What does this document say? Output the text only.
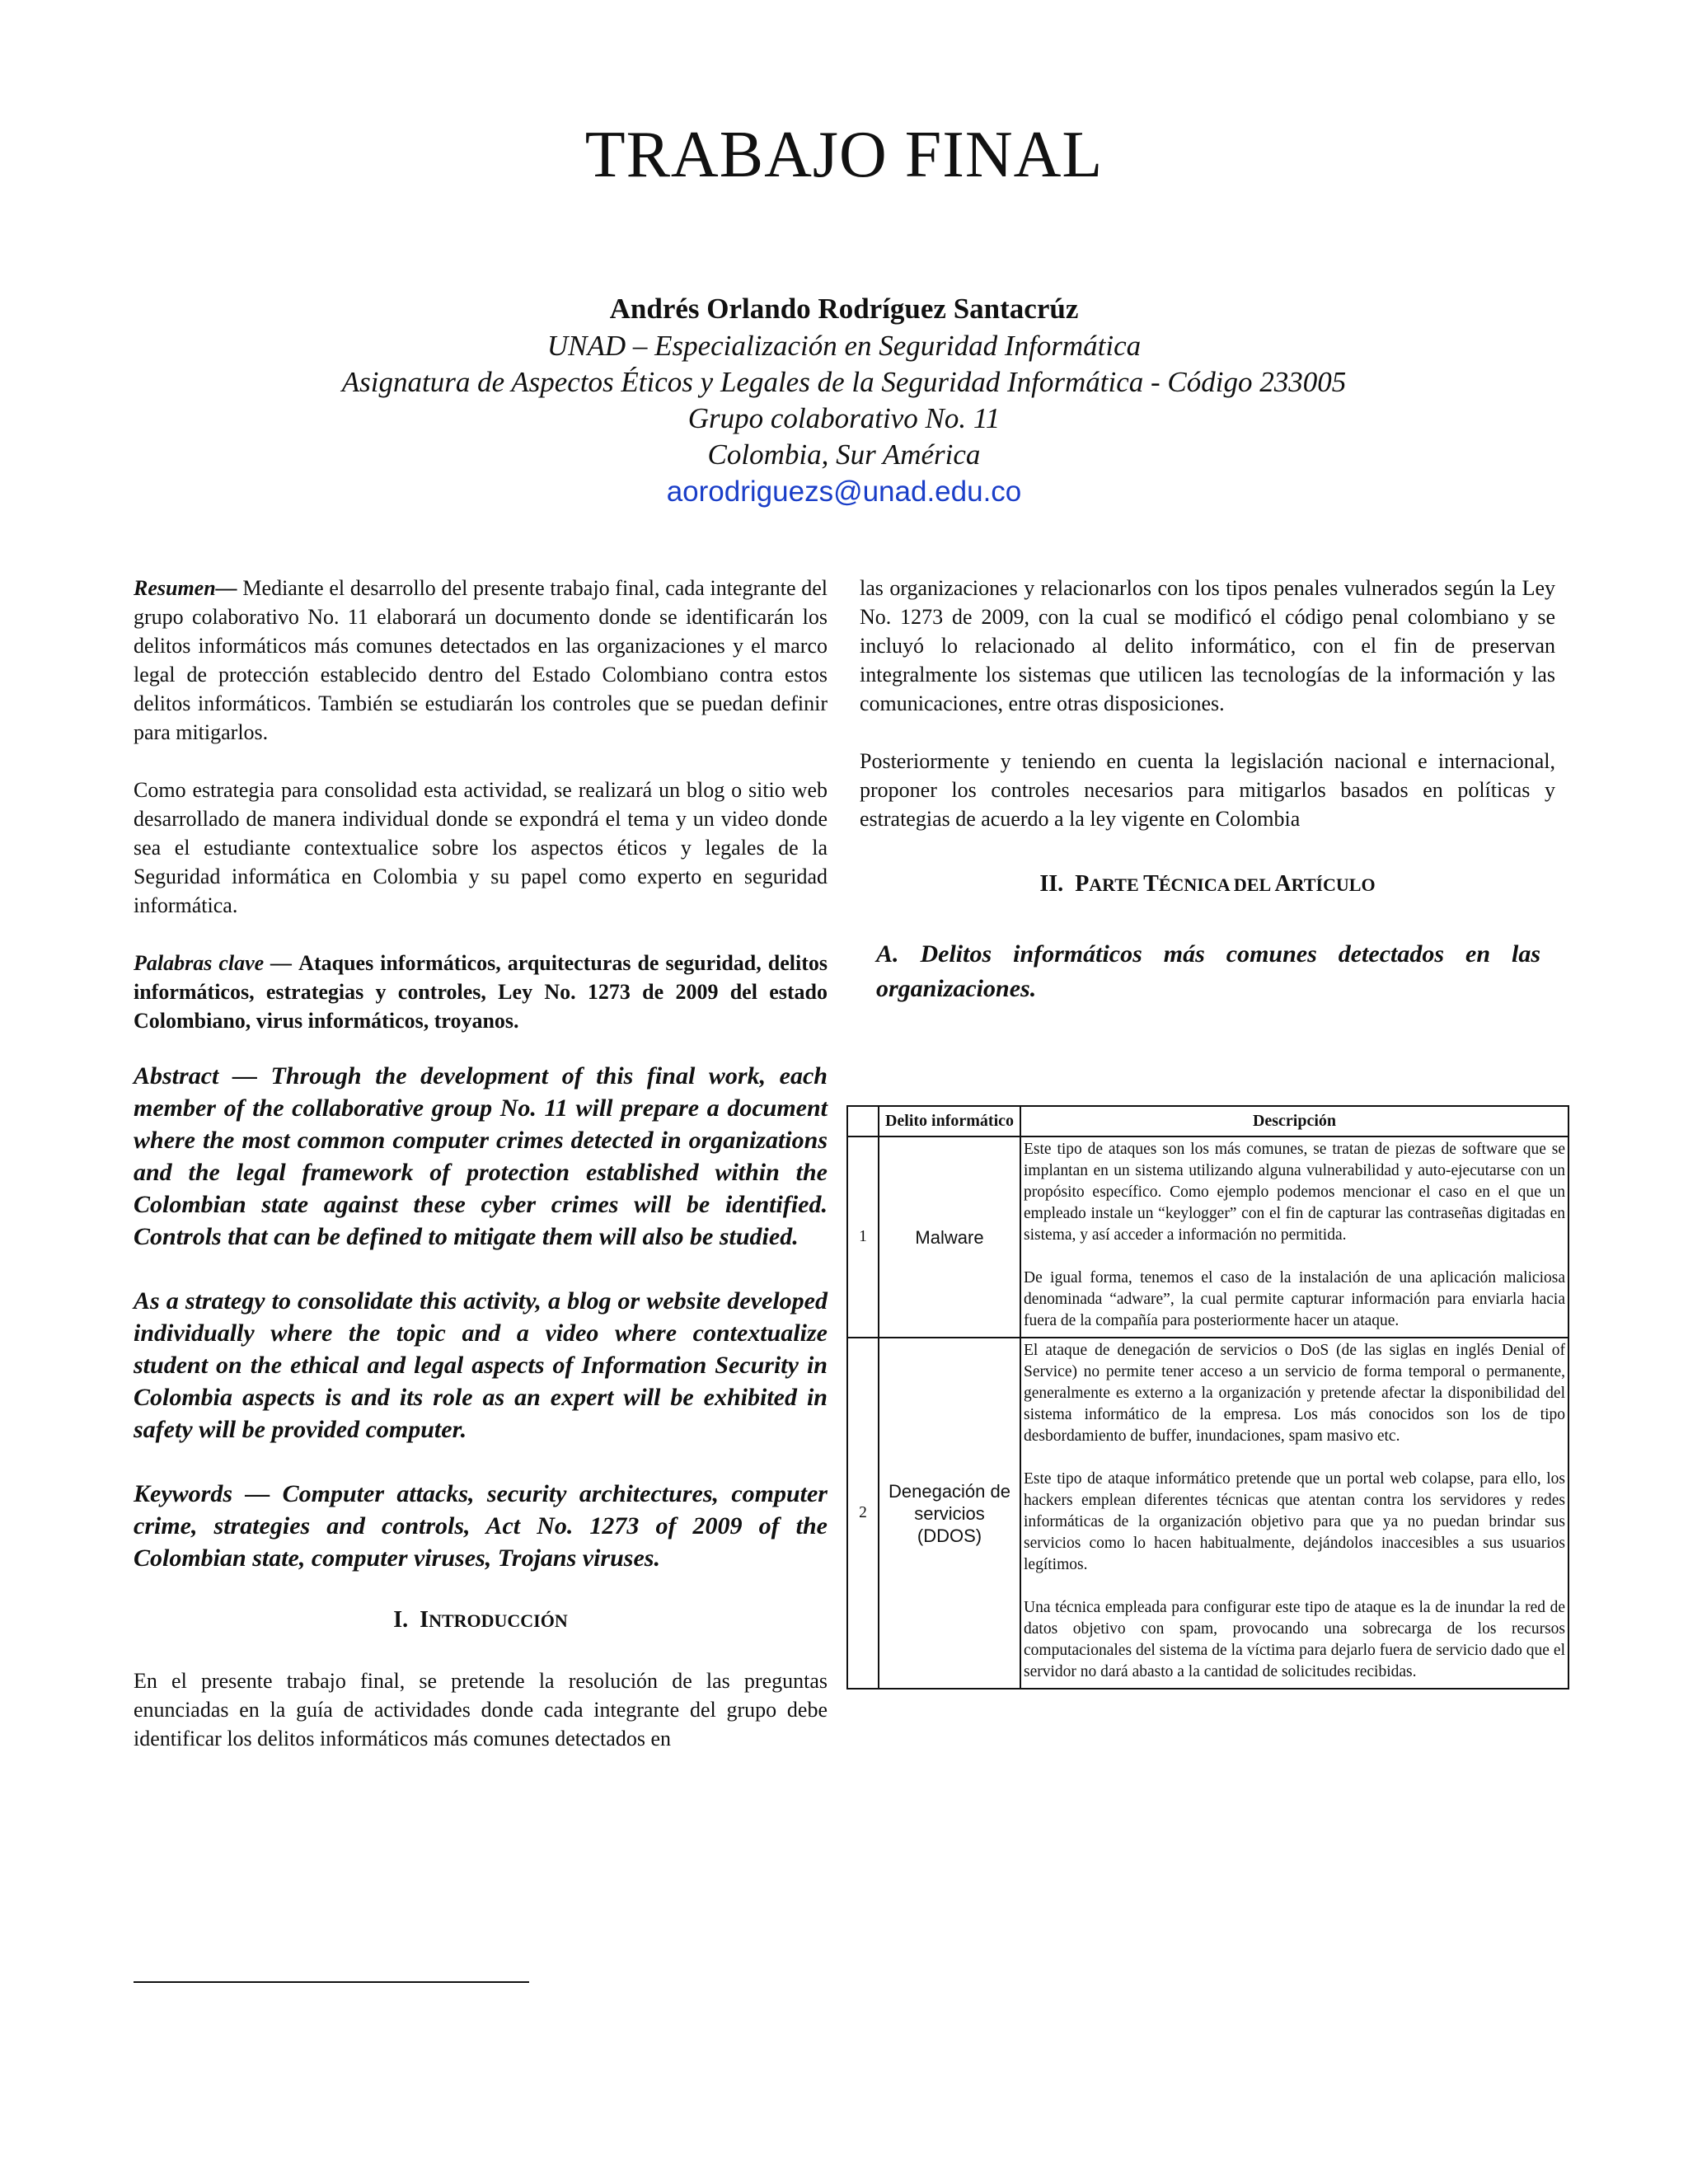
TRABAJO FINAL
Andrés Orlando Rodríguez Santacrúz
UNAD – Especialización en Seguridad Informática
Asignatura de Aspectos Éticos y Legales de la Seguridad Informática - Código 233005
Grupo colaborativo No. 11
Colombia, Sur América
aorodriguezs@unad.edu.co

Resumen— Mediante el desarrollo del presente trabajo final, cada integrante del grupo colaborativo No. 11 elaborará un documento donde se identificarán los delitos informáticos más comunes detectados en las organizaciones y el marco legal de protección establecido dentro del Estado Colombiano contra estos delitos informáticos. También se estudiarán los controles que se puedan definir para mitigarlos.

Como estrategia para consolidad esta actividad, se realizará un blog o sitio web desarrollado de manera individual donde se expondrá el tema y un video donde sea el estudiante contextualice sobre los aspectos éticos y legales de la Seguridad informática en Colombia y su papel como experto en seguridad informática.

Palabras clave — Ataques informáticos, arquitecturas de seguridad, delitos informáticos, estrategias y controles, Ley No. 1273 de 2009 del estado Colombiano, virus informáticos, troyanos.

Abstract — Through the development of this final work, each member of the collaborative group No. 11 will prepare a document where the most common computer crimes detected in organizations and the legal framework of protection established within the Colombian state against these cyber crimes will be identified. Controls that can be defined to mitigate them will also be studied.

As a strategy to consolidate this activity, a blog or website developed individually where the topic and a video where contextualize student on the ethical and legal aspects of Information Security in Colombia aspects is and its role as an expert will be exhibited in safety will be provided computer.

Keywords — Computer attacks, security architectures, computer crime, strategies and controls, Act No. 1273 of 2009 of the Colombian state, computer viruses, Trojans viruses.

I. INTRODUCCIÓN

En el presente trabajo final, se pretende la resolución de las preguntas enunciadas en la guía de actividades donde cada integrante del grupo debe identificar los delitos informáticos más comunes detectados en

las organizaciones y relacionarlos con los tipos penales vulnerados según la Ley No. 1273 de 2009, con la cual se modificó el código penal colombiano y se incluyó lo relacionado al delito informático, con el fin de preservan integralmente los sistemas que utilicen las tecnologías de la información y las comunicaciones, entre otras disposiciones.

Posteriormente y teniendo en cuenta la legislación nacional e internacional, proponer los controles necesarios para mitigarlos basados en políticas y estrategias de acuerdo a la ley vigente en Colombia

II. PARTE TÉCNICA DEL ARTÍCULO
A. Delitos informáticos más comunes detectados en las organizaciones.
	Delito informático	Descripción
1	Malware	Este tipo de ataques son los más comunes, se tratan de piezas de software que se implantan en un sistema utilizando alguna vulnerabilidad y auto-ejecutarse con un propósito específico. Como ejemplo podemos mencionar el caso en el que un empleado instale un “keylogger” con el fin de capturar las contraseñas digitadas en sistema, y así acceder a información no permitida.

De igual forma, tenemos el caso de la instalación de una aplicación maliciosa denominada “adware”, la cual permite capturar información para enviarla hacia fuera de la compañía para posteriormente hacer un ataque.

2	Denegación de servicios (DDOS)	El ataque de denegación de servicios o DoS (de las siglas en inglés Denial of Service) no permite tener acceso a un servicio de forma temporal o permanente, generalmente es externo a la organización y pretende afectar la disponibilidad del sistema informático de la empresa. Los más conocidos son los de tipo desbordamiento de buffer, inundaciones, spam masivo etc.

Este tipo de ataque informático pretende que un portal web colapse, para ello, los hackers emplean diferentes técnicas que atentan contra los servidores y redes informáticas de la organización objetivo para que ya no puedan brindar sus servicios como lo hacen habitualmente, dejándolos inaccesibles a sus usuarios legítimos.

Una técnica empleada para configurar este tipo de ataque es la de inundar la red de datos objetivo con spam, provocando una sobrecarga de los recursos computacionales del sistema de la víctima para dejarlo fuera de servicio dado que el servidor no dará abasto a la cantidad de solicitudes recibidas.
